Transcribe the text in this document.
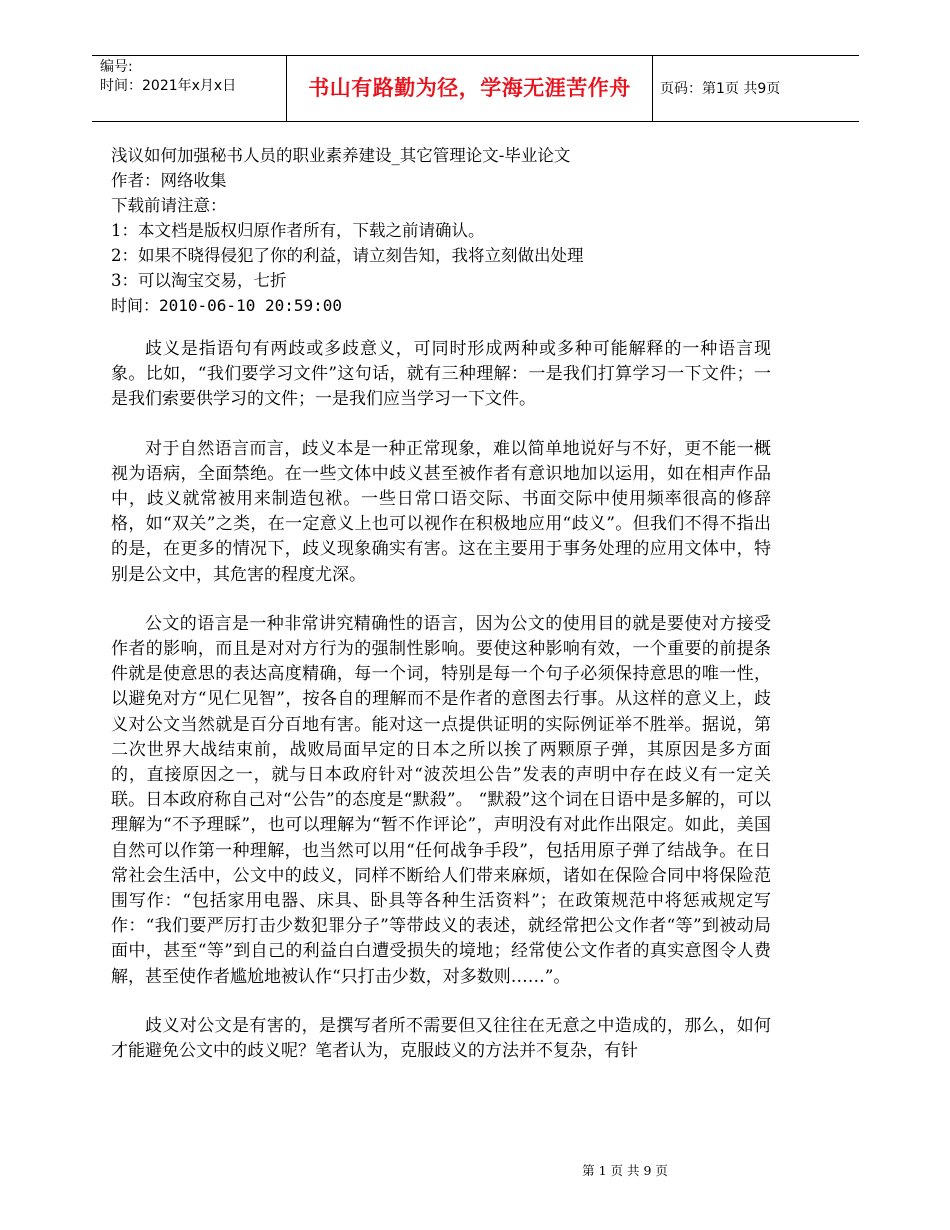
编号:
时间：2021年x月x日	书山有路勤为径，学海无涯苦作舟	页码：第1页 共9页
浅议如何加强秘书人员的职业素养建设_其它管理论文-毕业论文
作者：网络收集
下载前请注意：
1：本文档是版权归原作者所有，下载之前请确认。
2：如果不晓得侵犯了你的利益，请立刻告知，我将立刻做出处理
3：可以淘宝交易，七折
时间：2010-06-10 20:59:00

歧义是指语句有两歧或多歧意义，可同时形成两种或多种可能解释的一种语言现象。比如，“我们要学习文件”这句话，就有三种理解：一是我们打算学习一下文件；一是我们索要供学习的文件；一是我们应当学习一下文件。

对于自然语言而言，歧义本是一种正常现象，难以简单地说好与不好，更不能一概视为语病，全面禁绝。在一些文体中歧义甚至被作者有意识地加以运用，如在相声作品中，歧义就常被用来制造包袱。一些日常口语交际、书面交际中使用频率很高的修辞格，如“双关”之类，在一定意义上也可以视作在积极地应用“歧义”。但我们不得不指出的是，在更多的情况下，歧义现象确实有害。这在主要用于事务处理的应用文体中，特别是公文中，其危害的程度尤深。

公文的语言是一种非常讲究精确性的语言，因为公文的使用目的就是要使对方接受作者的影响，而且是对对方行为的强制性影响。要使这种影响有效，一个重要的前提条件就是使意思的表达高度精确，每一个词，特别是每一个句子必须保持意思的唯一性，以避免对方“见仁见智”，按各自的理解而不是作者的意图去行事。从这样的意义上，歧义对公文当然就是百分百地有害。能对这一点提供证明的实际例证举不胜举。据说，第二次世界大战结束前，战败局面早定的日本之所以挨了两颗原子弹，其原因是多方面的，直接原因之一，就与日本政府针对“波茨坦公告”发表的声明中存在歧义有一定关联。日本政府称自己对“公告”的态度是“默殺”。 “默殺”这个词在日语中是多解的，可以理解为“不予理睬”，也可以理解为“暂不作评论”，声明没有对此作出限定。如此，美国自然可以作第一种理解，也当然可以用“任何战争手段”，包括用原子弹了结战争。在日常社会生活中，公文中的歧义，同样不断给人们带来麻烦，诸如在保险合同中将保险范围写作：“包括家用电器、床具、卧具等各种生活资料”；在政策规范中将惩戒规定写作：“我们要严厉打击少数犯罪分子”等带歧义的表述，就经常把公文作者“等”到被动局面中，甚至“等”到自己的利益白白遭受损失的境地；经常使公文作者的真实意图令人费解，甚至使作者尴尬地被认作“只打击少数，对多数则……”。

歧义对公文是有害的，是撰写者所不需要但又往往在无意之中造成的，那么，如何才能避免公文中的歧义呢？笔者认为，克服歧义的方法并不复杂，有针

第 1 页 共 9 页
